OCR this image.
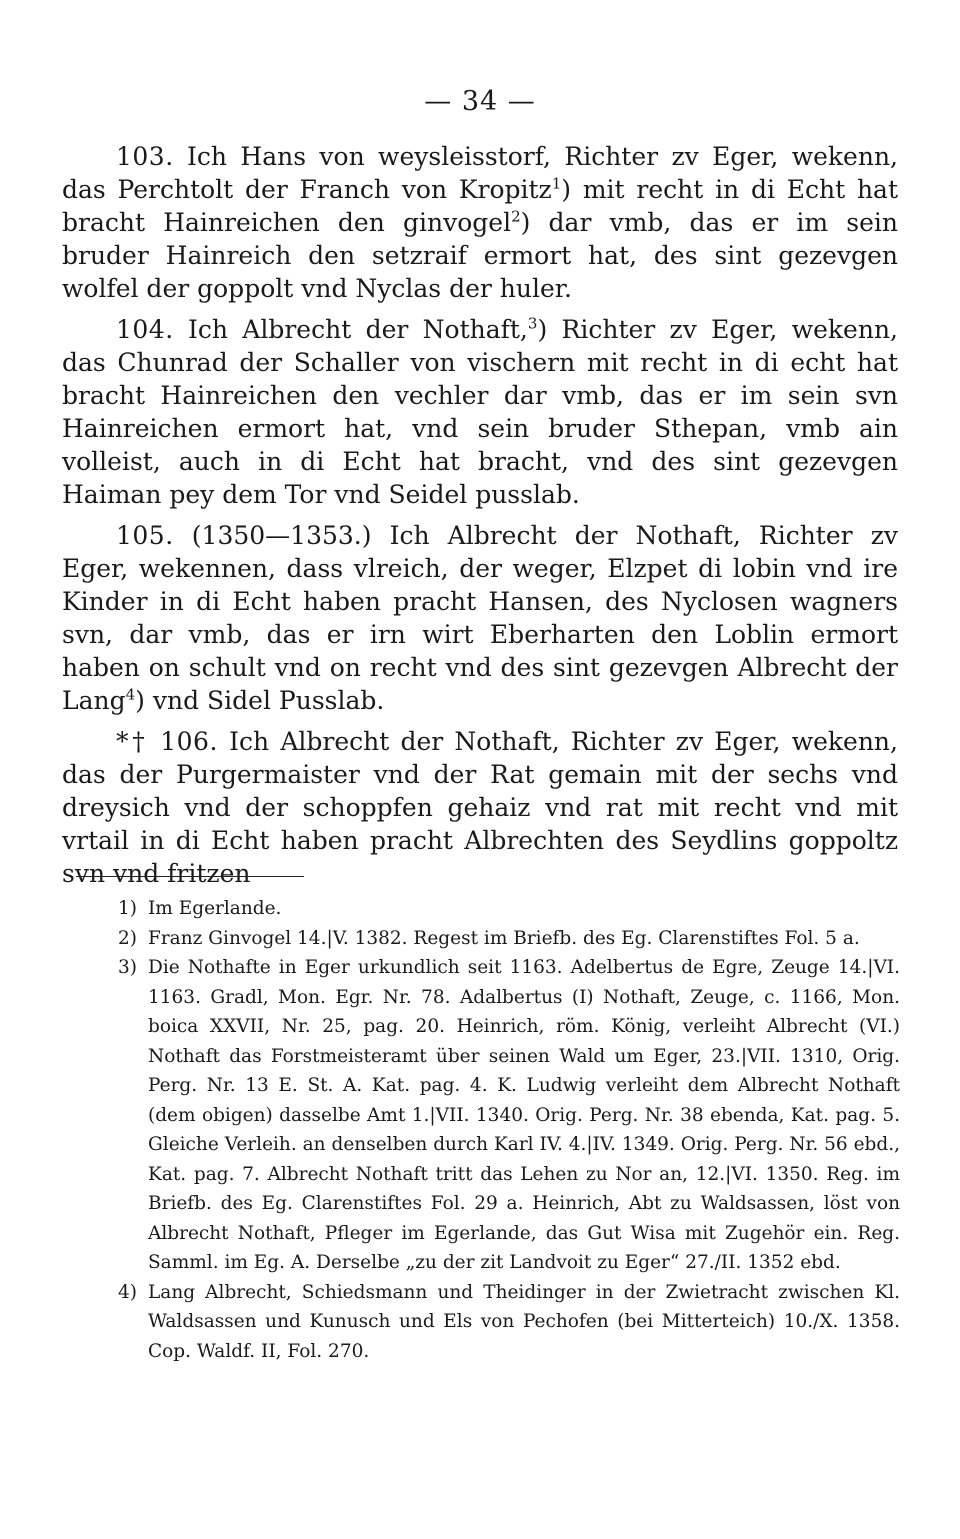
— 34 —

103. Ich Hans von weysleisstorf, Richter zv Eger, wekenn, das Perchtolt der Franch von Kropitz$^1$) mit recht in di Echt hat bracht Hainreichen den ginvogel$^2$) dar vmb, das er im sein bruder Hainreich den setzraif ermort hat, des sint gezevgen wolfel der goppolt vnd Nyclas der huler.

104. Ich Albrecht der Nothaft,$^3$) Richter zv Eger, wekenn, das Chunrad der Schaller von vischern mit recht in di echt hat bracht Hainreichen den vechler dar vmb, das er im sein svn Hainreichen ermort hat, vnd sein bruder Sthepan, vmb ain volleist, auch in di Echt hat bracht, vnd des sint gezevgen Haiman pey dem Tor vnd Seidel pusslab.

105. (1350—1353.) Ich Albrecht der Nothaft, Richter zv Eger, wekennen, dass vlreich, der weger, Elzpet di lobin vnd ire Kinder in di Echt haben pracht Hansen, des Nyclosen wagners svn, dar vmb, das er irn wirt Eberharten den Loblin ermort haben on schult vnd on recht vnd des sint gezevgen Albrecht der Lang$^4$) vnd Sidel Pusslab.

*† 106. Ich Albrecht der Nothaft, Richter zv Eger, wekenn, das der Purgermaister vnd der Rat gemain mit der sechs vnd dreysich vnd der schoppfen gehaiz vnd rat mit recht vnd mit vrtail in di Echt haben pracht Albrechten des Seydlins goppoltz svn vnd fritzen

1) Im Egerlande.

2) Franz Ginvogel 14.|V. 1382. Regest im Briefb. des Eg. Clarenstiftes Fol. 5 a.

3) Die Nothafte in Eger urkundlich seit 1163. Adelbertus de Egre, Zeuge 14.|VI. 1163. Gradl, Mon. Egr. Nr. 78. Adalbertus (I) Nothaft, Zeuge, c. 1166, Mon. boica XXVII, Nr. 25, pag. 20. Heinrich, röm. König, verleiht Albrecht (VI.) Nothaft das Forstmeisteramt über seinen Wald um Eger, 23.|VII. 1310, Orig. Perg. Nr. 13 E. St. A. Kat. pag. 4. K. Ludwig verleiht dem Albrecht Nothaft (dem obigen) dasselbe Amt 1.|VII. 1340. Orig. Perg. Nr. 38 ebenda, Kat. pag. 5. Gleiche Verleih. an denselben durch Karl IV. 4.|IV. 1349. Orig. Perg. Nr. 56 ebd., Kat. pag. 7. Albrecht Nothaft tritt das Lehen zu Nor an, 12.|VI. 1350. Reg. im Briefb. des Eg. Clarenstiftes Fol. 29 a. Heinrich, Abt zu Waldsassen, löst von Albrecht Nothaft, Pfleger im Egerlande, das Gut Wisa mit Zugehör ein. Reg. Samml. im Eg. A. Derselbe „zu der zit Landvoit zu Eger“ 27./II. 1352 ebd.

4) Lang Albrecht, Schiedsmann und Theidinger in der Zwietracht zwischen Kl. Waldsassen und Kunusch und Els von Pechofen (bei Mitterteich) 10./X. 1358. Cop. Waldf. II, Fol. 270.
